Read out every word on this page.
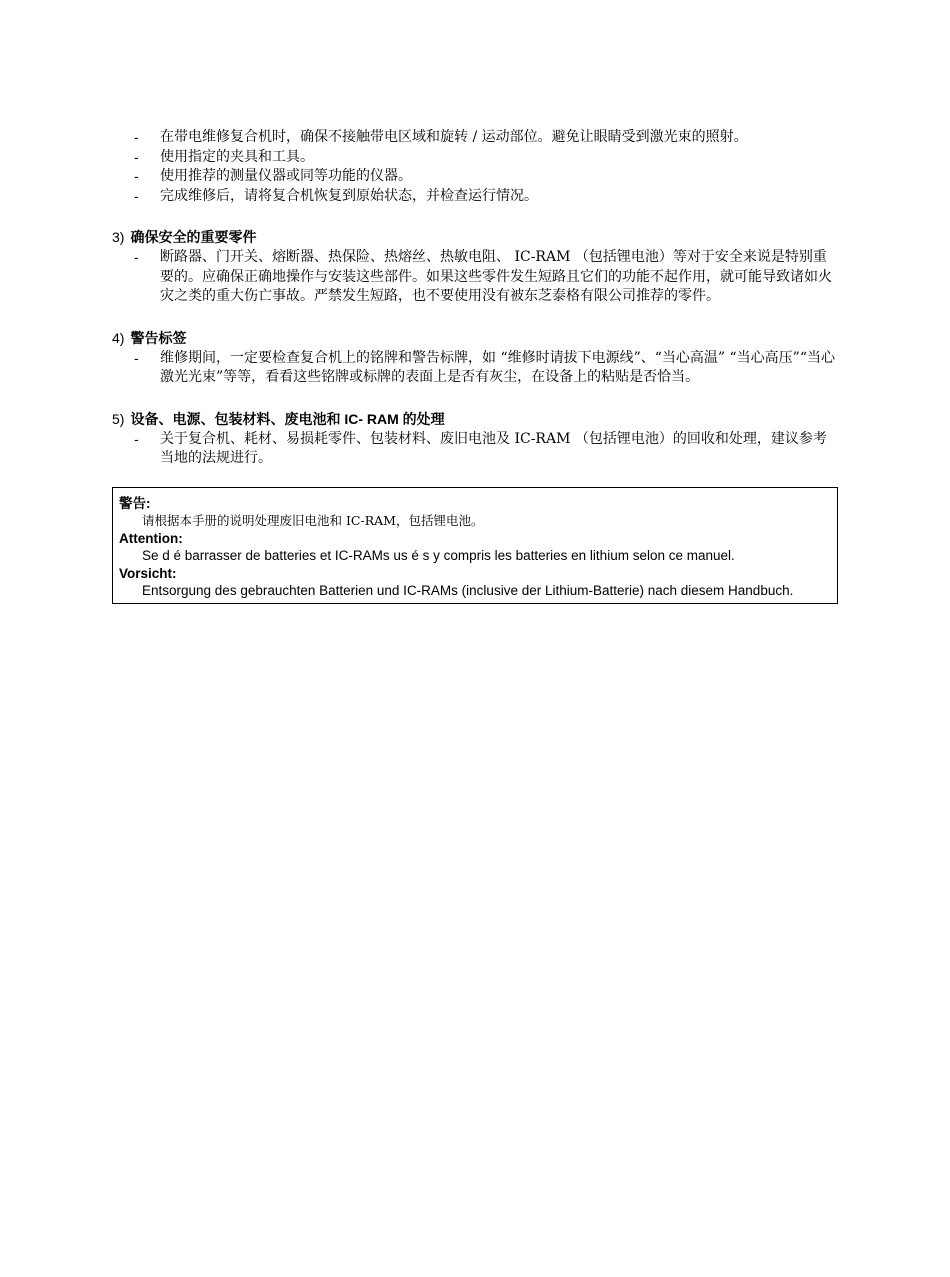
- 在带电维修复合机时，确保不接触带电区域和旋转 / 运动部位。避免让眼睛受到激光束的照射。
- 使用指定的夹具和工具。
- 使用推荐的测量仪器或同等功能的仪器。
- 完成维修后，请将复合机恢复到原始状态，并检查运行情况。
3) 确保安全的重要零件
- 断路器、门开关、熔断器、热保险、热熔丝、热敏电阻、 IC-RAM （包括锂电池）等对于安全来说是特别重要的。应确保正确地操作与安装这些部件。如果这些零件发生短路且它们的功能不起作用，就可能导致诸如火灾之类的重大伤亡事故。严禁发生短路，也不要使用没有被东芝泰格有限公司推荐的零件。
4) 警告标签
- 维修期间，一定要检查复合机上的铭牌和警告标牌，如 “维修时请拔下电源线”、“当心高温” “当心高压”“当心激光光束”等等，看看这些铭牌或标牌的表面上是否有灰尘，在设备上的粘贴是否恰当。
5) 设备、电源、包装材料、废电池和 IC- RAM 的处理
- 关于复合机、耗材、易损耗零件、包装材料、废旧电池及 IC-RAM （包括锂电池）的回收和处理，建议参考当地的法规进行。
警告:
请根据本手册的说明处理废旧电池和 IC-RAM，包括锂电池。
Attention:
Se d é barrasser de batteries et IC-RAMs us é s y compris les batteries en lithium selon ce manuel.
Vorsicht:
Entsorgung des gebrauchten Batterien und IC-RAMs (inclusive der Lithium-Batterie) nach diesem Handbuch.
